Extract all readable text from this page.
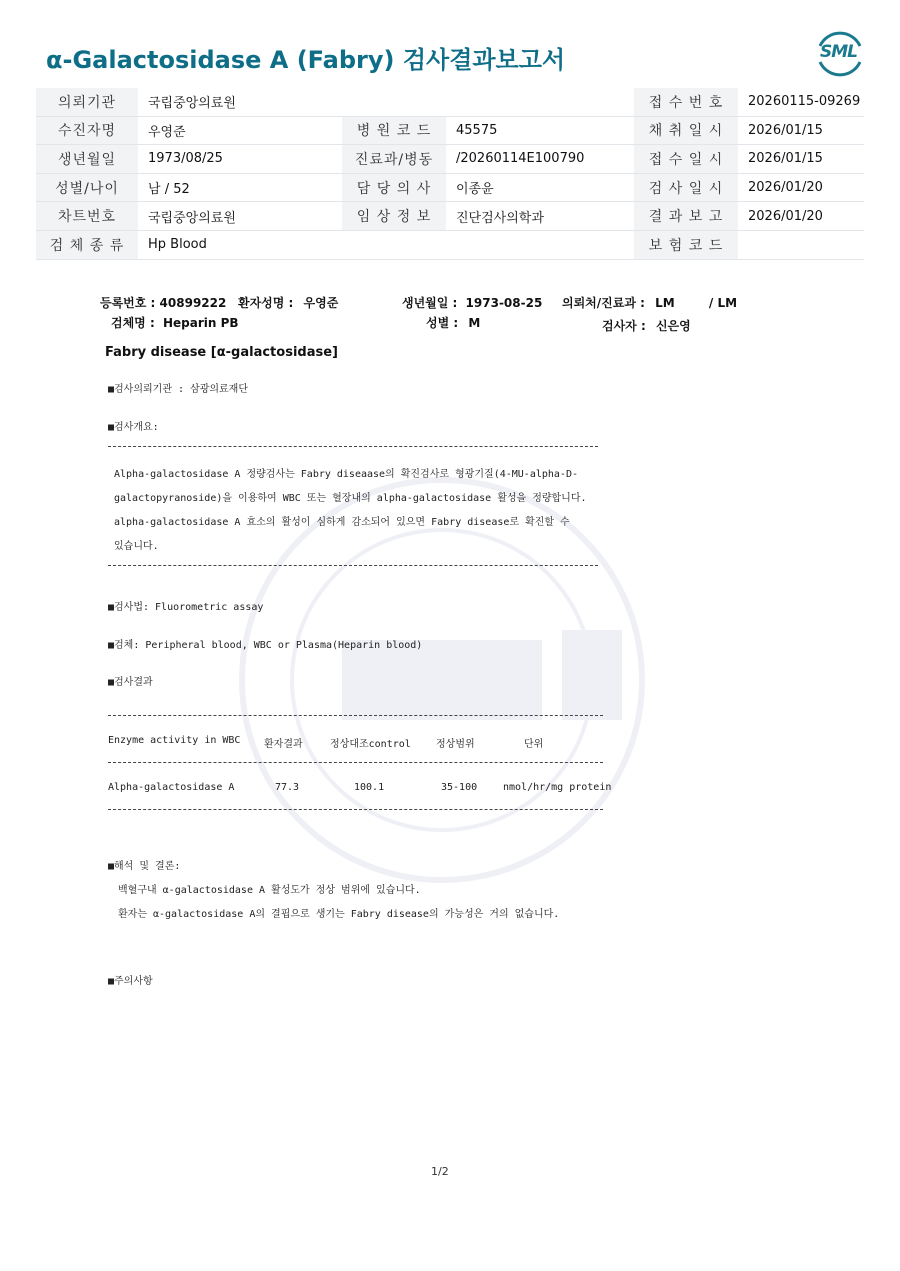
α-Galactosidase A (Fabry) 검사결과보고서	SML
의뢰기관	국립중앙의료원			접 수 번 호	20260115-09269
수진자명	우영준	병 원 코 드	45575	채 취 일 시	2026/01/15
생년월일	1973/08/25	진료과/병동	/20260114E100790	접 수 일 시	2026/01/15
성별/나이	남 / 52	담 당 의 사	이종윤	검 사 일 시	2026/01/20
차트번호	국립중앙의료원	임 상 정 보	진단검사의학과	결 과 보 고	2026/01/20
검 체 종 류	Hp Blood			보 험 코 드	
등록번호 : 40899222 환자성명 : 우영준	생년월일 : 1973-08-25 의뢰처/진료과 : LM	/ LM
검체명 : Heparin PB	성별 : M	검사자 : 신은영
Fabry disease [α-galactosidase]
■검사의뢰기관 : 삼광의료재단
■검사개요:
Alpha-galactosidase A 정량검사는 Fabry diseaase의 확진검사로 형광기질(4-MU-alpha-D-
galactopyranoside)을 이용하여 WBC 또는 혈장내의 alpha-galactosidase 활성을 정량합니다.
alpha-galactosidase A 효소의 활성이 심하게 감소되어 있으면 Fabry disease로 확진할 수
있습니다.
■검사법: Fluorometric assay
■검체: Peripheral blood, WBC or Plasma(Heparin blood)
■검사결과
Enzyme activity in WBC 환자결과	정상대조control	정상범위	단위
Alpha-galactosidase A	77.3	100.1	35-100	nmol/hr/mg protein
■해석 및 결론:
백혈구내 α-galactosidase A 활성도가 정상 범위에 있습니다.
환자는 α-galactosidase A의 결핍으로 생기는 Fabry disease의 가능성은 거의 없습니다.
■주의사항
1/2
